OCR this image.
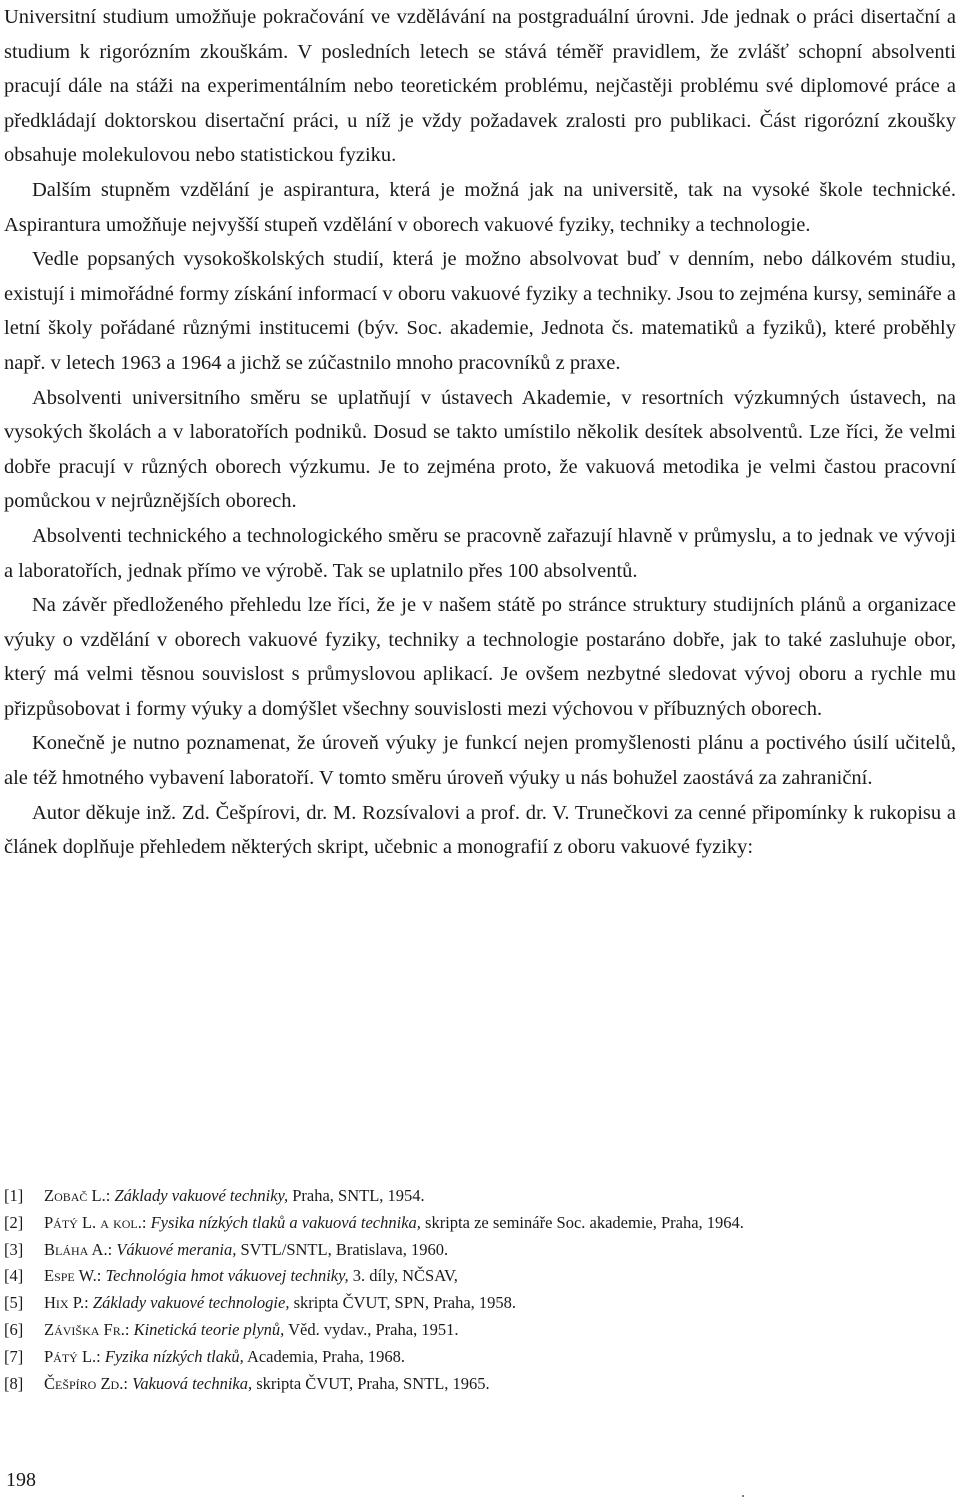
Universitní studium umožňuje pokračování ve vzdělávání na postgraduální úrovni. Jde jednak o práci disertační a studium k rigorózním zkouškám. V posledních letech se stává téměř pravidlem, že zvlášť schopní absolventi pracují dále na stáži na experimentálním nebo teoretickém problému, nejčastěji problému své diplomové práce a předkládají doktorskou disertační práci, u níž je vždy požadavek zralosti pro publikaci. Část rigorózní zkoušky obsahuje molekulovou nebo statistickou fyziku.

Dalším stupněm vzdělání je aspirantura, která je možná jak na universitě, tak na vysoké škole technické. Aspirantura umožňuje nejvyšší stupeň vzdělání v oborech vakuové fyziky, techniky a technologie.

Vedle popsaných vysokoškolských studií, která je možno absolvovat buď v denním, nebo dálkovém studiu, existují i mimořádné formy získání informací v oboru vakuové fyziky a techniky. Jsou to zejména kursy, semináře a letní školy pořádané různými institucemi (býv. Soc. akademie, Jednota čs. matematiků a fyziků), které proběhly např. v letech 1963 a 1964 a jichž se zúčastnilo mnoho pracovníků z praxe.

Absolventi universitního směru se uplatňují v ústavech Akademie, v resortních výzkumných ústavech, na vysokých školách a v laboratořích podniků. Dosud se takto umístilo několik desítek absolventů. Lze říci, že velmi dobře pracují v různých oborech výzkumu. Je to zejména proto, že vakuová metodika je velmi častou pracovní pomůckou v nejrůznějších oborech.

Absolventi technického a technologického směru se pracovně zařazují hlavně v průmyslu, a to jednak ve vývoji a laboratořích, jednak přímo ve výrobě. Tak se uplatnilo přes 100 absolventů.

Na závěr předloženého přehledu lze říci, že je v našem státě po stránce struktury studijních plánů a organizace výuky o vzdělání v oborech vakuové fyziky, techniky a technologie postaráno dobře, jak to také zasluhuje obor, který má velmi těsnou souvislost s průmyslovou aplikací. Je ovšem nezbytné sledovat vývoj oboru a rychle mu přizpůsobovat i formy výuky a domýšlet všechny souvislosti mezi výchovou v příbuzných oborech.

Konečně je nutno poznamenat, že úroveň výuky je funkcí nejen promyšlenosti plánu a poctivého úsilí učitelů, ale též hmotného vybavení laboratoří. V tomto směru úroveň výuky u nás bohužel zaostává za zahraniční.

Autor děkuje inž. Zd. Češpírovi, dr. M. Rozsívalovi a prof. dr. V. Trunečkovi za cenné připomínky k rukopisu a článek doplňuje přehledem některých skript, učebnic a monografií z oboru vakuové fyziky:

[1] Zobač L.: Základy vakuové techniky, Praha, SNTL, 1954.
[2] Pátý L. a kol.: Fysika nízkých tlaků a vakuová technika, skripta ze semináře Soc. akademie, Praha, 1964.
[3] Bláha A.: Vákuové merania, SVTL/SNTL, Bratislava, 1960.
[4] Espe W.: Technológia hmot vákuovej techniky, 3. díly, NČSAV,
[5] Hix P.: Základy vakuové technologie, skripta ČVUT, SPN, Praha, 1958.
[6] Záviška Fr.: Kinetická teorie plynů, Věd. vydav., Praha, 1951.
[7] Pátý L.: Fyzika nízkých tlaků, Academia, Praha, 1968.
[8] Češpíro Zd.: Vakuová technika, skripta ČVUT, Praha, SNTL, 1965.
198
